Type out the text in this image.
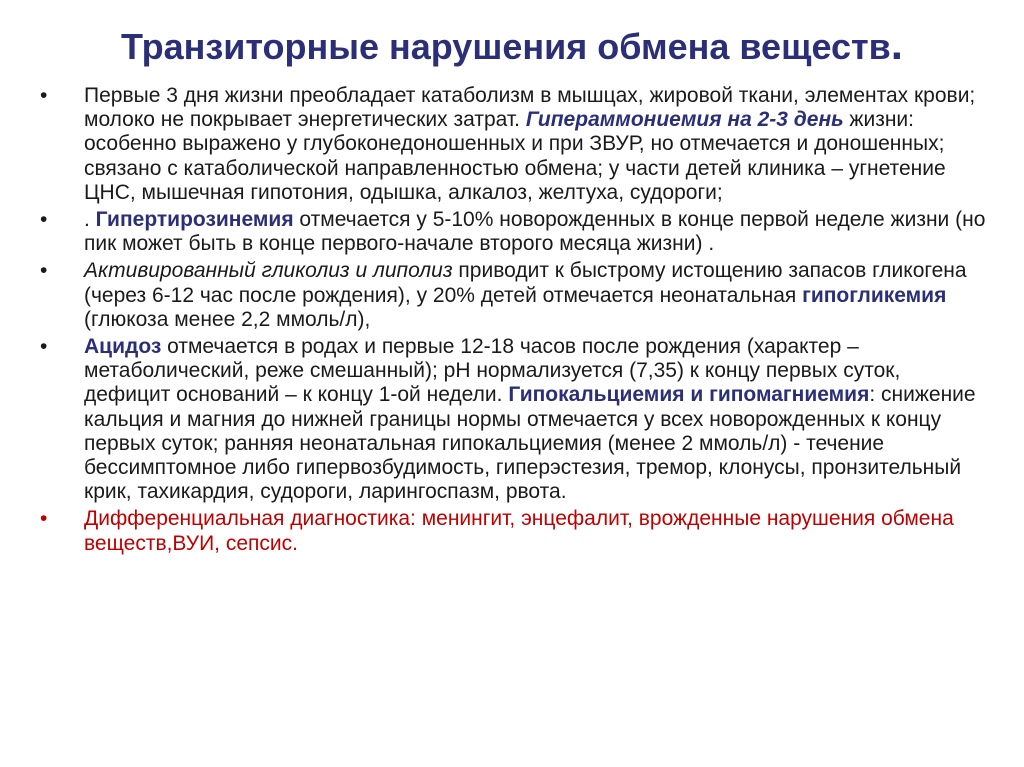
Транзиторные нарушения обмена веществ.
• Первые 3 дня жизни преобладает катаболизм в мышцах, жировой ткани, элементах крови; молоко не покрывает энергетических затрат. Гипераммониемия на 2-3 день жизни: особенно выражено у глубоконедоношенных и при ЗВУР, но отмечается и доношенных; связано с катаболической направленностью обмена; у части детей клиника – угнетение ЦНС, мышечная гипотония, одышка, алкалоз, желтуха, судороги;
• . Гипертирозинемия отмечается у 5-10% новорожденных в конце первой неделе жизни (но пик может быть в конце первого-начале второго месяца жизни) .
• Активированный гликолиз и липолиз приводит к быстрому истощению запасов гликогена (через 6-12 час после рождения), у 20% детей отмечается неонатальная гипогликемия (глюкоза менее 2,2 ммоль/л),
• Ацидоз отмечается в родах и первые 12-18 часов после рождения (характер – метаболический, реже смешанный); рН нормализуется (7,35) к концу первых суток, дефицит оснований – к концу 1-ой недели. Гипокальциемия и гипомагниемия: снижение кальция и магния до нижней границы нормы отмечается у всех новорожденных к концу первых суток; ранняя неонатальная гипокальциемия (менее 2 ммоль/л) - течение бессимптомное либо гипервозбудимость, гиперэстезия, тремор, клонусы, пронзительный крик, тахикардия, судороги, ларингоспазм, рвота.
• Дифференциальная диагностика: менингит, энцефалит, врожденные нарушения обмена веществ,ВУИ, сепсис.
